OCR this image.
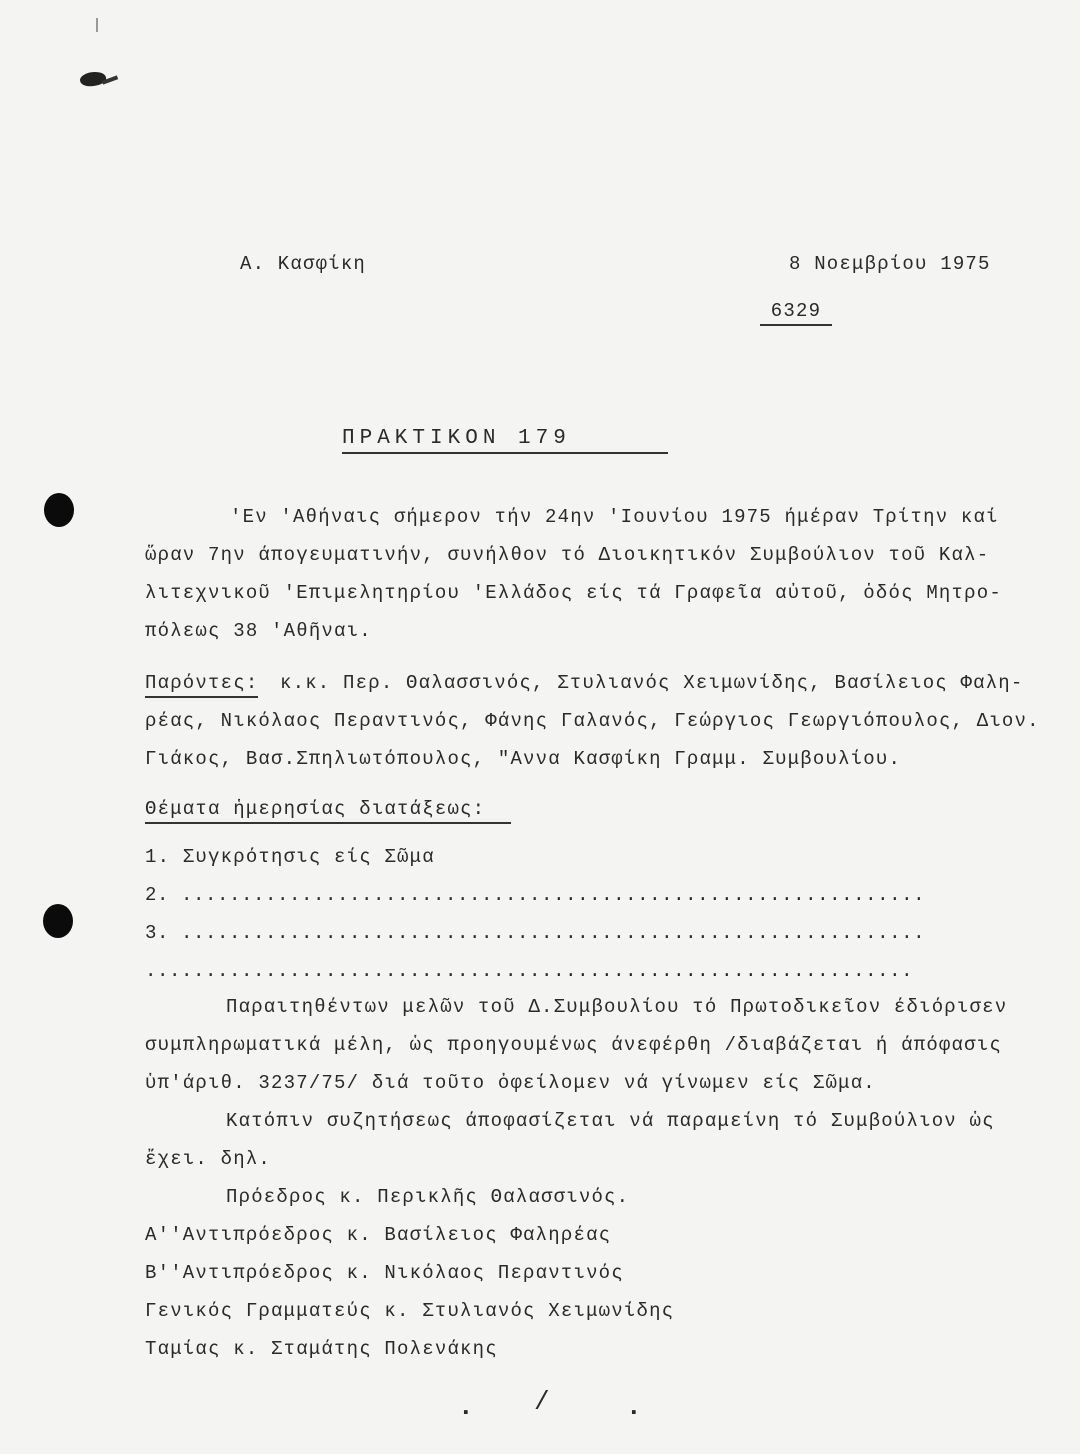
Α. Κασφίκη	8 Νοεμβρίου 1975
6329
ΠΡΑΚΤΙΚΟΝ 179
'Εν 'Αθήναις σήμερον τήν 24ην 'Ιουνίου 1975 ήμέραν Τρίτην καί
ὥραν 7ην άπογευματινήν, συνήλθον τό Διοικητικόν Συμβούλιον τοῦ Καλ-
λιτεχνικοῦ 'Επιμελητηρίου 'Ελλάδος είς τά Γραφεῖα αὐτοῦ, ὁδός Μητρο-
πόλεως 38 'Αθῆναι.
Παρόντες: κ.κ. Περ. Θαλασσινός, Στυλιανός Χειμωνίδης, Βασίλειος Φαλη-
ρέας, Νικόλαος Περαντινός, Φάνης Γαλανός, Γεώργιος Γεωργιόπουλος, Διον.
Γιάκος, Βασ.Σπηλιωτόπουλος, "Αννα Κασφίκη Γραμμ. Συμβουλίου.
Θέματα ἡμερησίας διατάξεως:
1. Συγκρότησις είς Σῶμα
2. ..............................................................
3. ..............................................................
................................................................
Παραιτηθέντων μελῶν τοῦ Δ.Συμβουλίου τό Πρωτοδικεῖον έδιόρισεν
συμπληρωματικά μέλη, ὡς προηγουμένως άνεφέρθη /διαβάζεται ή άπόφασις
ὑπ'άριθ. 3237/75/ διά τοῦτο ὀφείλομεν νά γίνωμεν είς Σῶμα.
Κατόπιν συζητήσεως άποφασίζεται νά παραμείνη τό Συμβούλιον ὡς
ἔχει. δηλ.
Πρόεδρος κ. Περικλῆς Θαλασσινός.
Α''Αντιπρόεδρος κ. Βασίλειος Φαληρέας
Β''Αντιπρόεδρος κ. Νικόλαος Περαντινός
Γενικός Γραμματεύς κ. Στυλιανός Χειμωνίδης
Ταμίας κ. Σταμάτης Πολενάκης
. /	.
